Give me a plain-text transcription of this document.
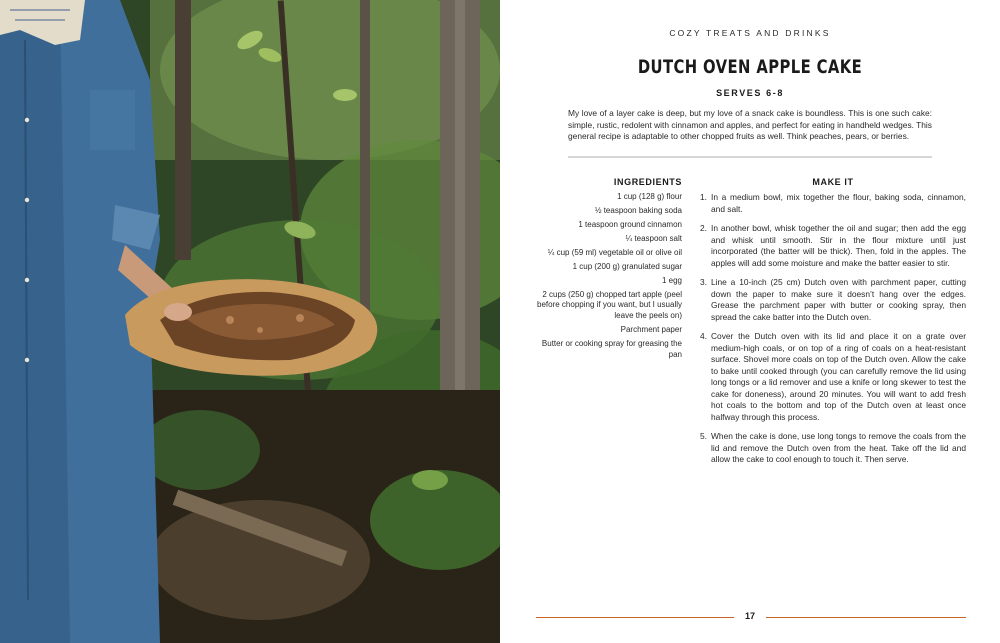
COZY TREATS AND DRINKS
DUTCH OVEN APPLE CAKE
SERVES 6-8
My love of a layer cake is deep, but my love of a snack cake is boundless. This is one such cake: simple, rustic, redolent with cinnamon and apples, and perfect for eating in handheld wedges. This general recipe is adaptable to other chopped fruits as well. Think peaches, pears, or berries.
INGREDIENTS
1 cup (128 g) flour
½ teaspoon baking soda
1 teaspoon ground cinnamon
¼ teaspoon salt
¼ cup (59 ml) vegetable oil or olive oil
1 cup (200 g) granulated sugar
1 egg
2 cups (250 g) chopped tart apple (peel before chopping if you want, but I usually leave the peels on)
Parchment paper
Butter or cooking spray for greasing the pan
MAKE IT
1. In a medium bowl, mix together the flour, baking soda, cinnamon, and salt.
2. In another bowl, whisk together the oil and sugar; then add the egg and whisk until smooth. Stir in the flour mixture until just incorporated (the batter will be thick). Then, fold in the apples. The apples will add some moisture and make the batter easier to stir.
3. Line a 10-inch (25 cm) Dutch oven with parchment paper, cutting down the paper to make sure it doesn’t hang over the edges. Grease the parchment paper with butter or cooking spray, then spread the cake batter into the Dutch oven.
4. Cover the Dutch oven with its lid and place it on a grate over medium-high coals, or on top of a ring of coals on a heat-resistant surface. Shovel more coals on top of the Dutch oven. Allow the cake to bake until cooked through (you can carefully remove the lid using long tongs or a lid remover and use a knife or long skewer to test the cake for doneness), around 20 minutes. You will want to add fresh hot coals to the bottom and top of the Dutch oven at least once halfway through this process.
5. When the cake is done, use long tongs to remove the coals from the lid and remove the Dutch oven from the heat. Take off the lid and allow the cake to cool enough to touch it. Then serve.
17
